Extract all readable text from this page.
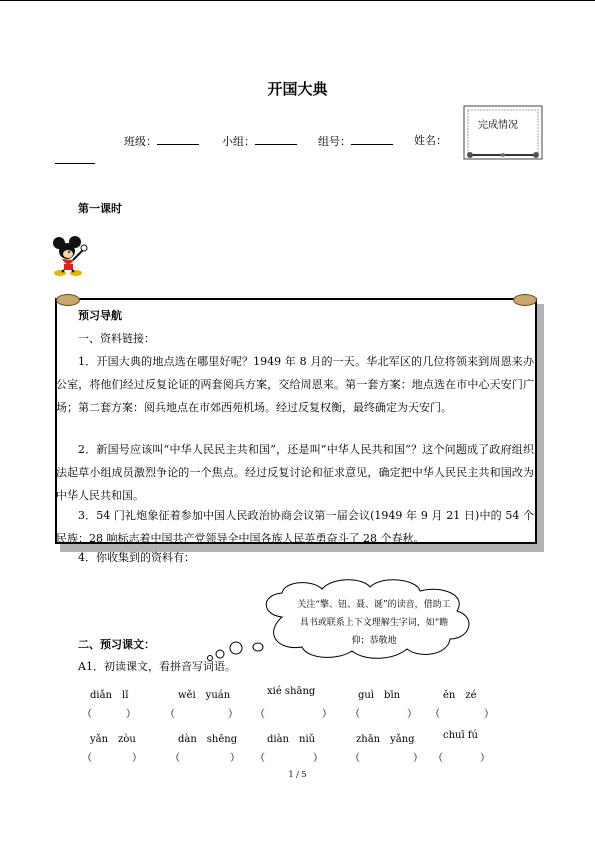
开国大典
班级：	小组：	组号：	姓名：
完成情况
第一课时
预习导航
一、资料链接：
1．开国大典的地点选在哪里好呢？1949 年 8 月的一天。华北军区的几位将领来到周恩来办公室，将他们经过反复论证的两套阅兵方案，交给周恩来。第一套方案：地点选在市中心天安门广场；第二套方案：阅兵地点在市郊西苑机场。经过反复权衡，最终确定为天安门。
2．新国号应该叫“中华人民民主共和国”，还是叫“中华人民共和国”？这个问题成了政府组织法起草小组成员激烈争论的一个焦点。经过反复讨论和征求意见，确定把中华人民民主共和国改为中华人民共和国。
3．54 门礼炮象征着参加中国人民政治协商会议第一届会议(1949 年 9 月 21 日)中的 54 个民族；28 响标志着中国共产党领导全中国各族人民英勇奋斗了 28 个春秋。
4．你收集到的资料有：
关注“擎、钮、聂、诞”的读音，借助工具书或联系上下文理解生字词，如“瞻仰；恭敬地
二、预习课文：
A1．初读课文，看拼音写词语。
diǎn　lǐ	wěi　yuán	xié shāng	guì　bīn	ěn　zé
（	）	（	） （	） （	） （	）
yǎn　zòu	dàn　shēng	diàn　niǔ	zhān　yǎng	chuī fú
（	）	（	） （	）	（	） （	）
1 / 5
